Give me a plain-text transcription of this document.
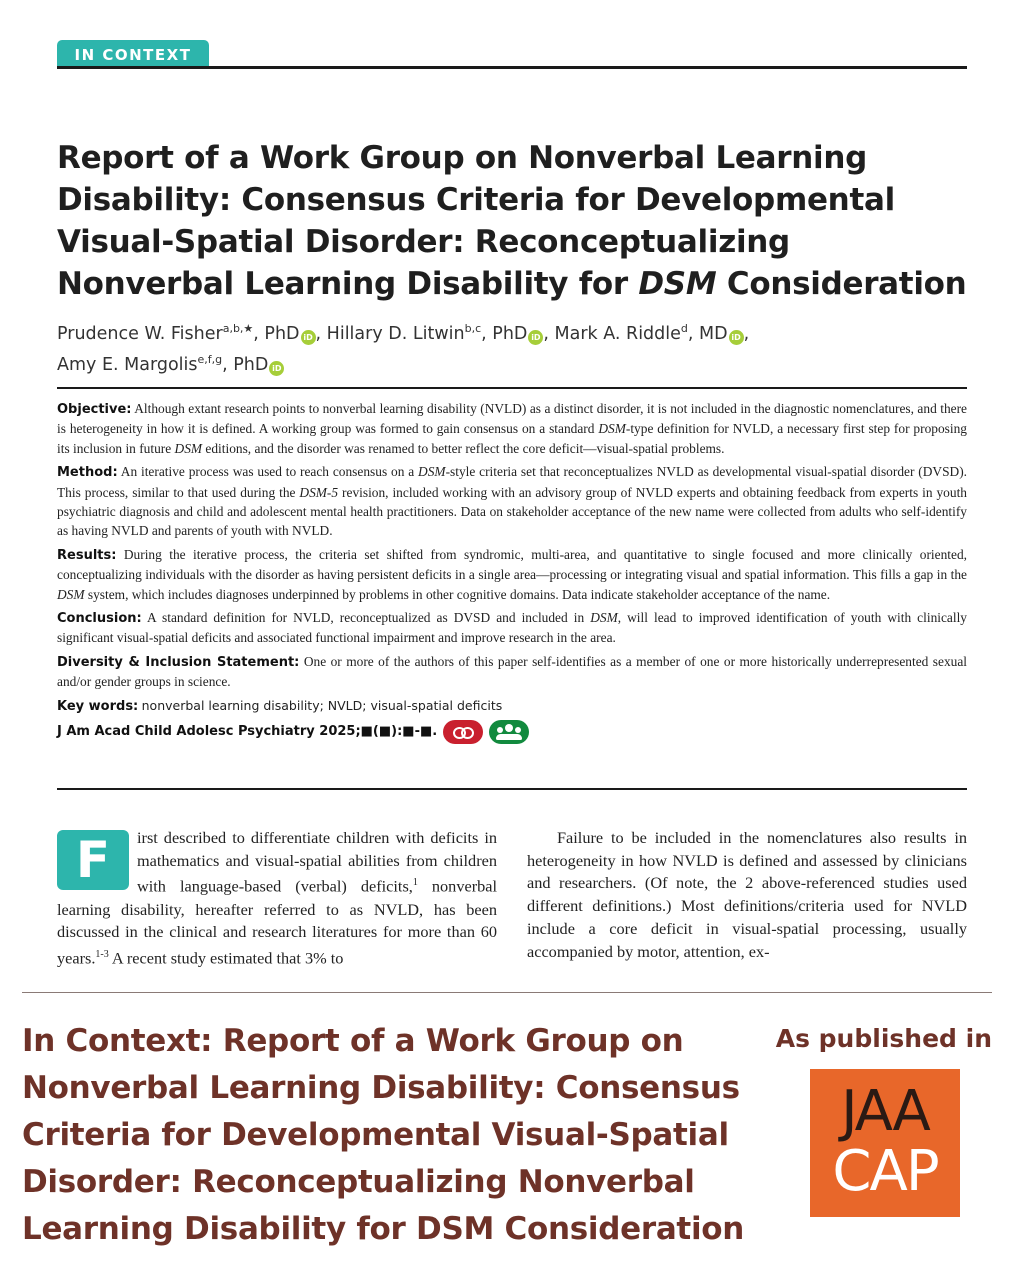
IN CONTEXT
Report of a Work Group on Nonverbal Learning Disability: Consensus Criteria for Developmental Visual-Spatial Disorder: Reconceptualizing Nonverbal Learning Disability for DSM Consideration
Prudence W. Fisher$^{a,b,★}$, PhD iD , Hillary D. Litwin$^{b,c}$, PhD iD , Mark A. Riddle$^d$, MD iD ,
Amy E. Margolis$^{e,f,g}$, PhD iD

Objective: Although extant research points to nonverbal learning disability (NVLD) as a distinct disorder, it is not included in the diagnostic nomenclatures, and there is heterogeneity in how it is defined. A working group was formed to gain consensus on a standard DSM-type definition for NVLD, a necessary first step for proposing its inclusion in future DSM editions, and the disorder was renamed to better reflect the core deficit—visual-spatial problems.

Method: An iterative process was used to reach consensus on a DSM-style criteria set that reconceptualizes NVLD as developmental visual-spatial disorder (DVSD). This process, similar to that used during the DSM-5 revision, included working with an advisory group of NVLD experts and obtaining feedback from experts in youth psychiatric diagnosis and child and adolescent mental health practitioners. Data on stakeholder acceptance of the new name were collected from adults who self-identify as having NVLD and parents of youth with NVLD.

Results: During the iterative process, the criteria set shifted from syndromic, multi-area, and quantitative to single focused and more clinically oriented, conceptualizing individuals with the disorder as having persistent deficits in a single area—processing or integrating visual and spatial information. This fills a gap in the DSM system, which includes diagnoses underpinned by problems in other cognitive domains. Data indicate stakeholder acceptance of the name.

Conclusion: A standard definition for NVLD, reconceptualized as DVSD and included in DSM, will lead to improved identification of youth with clinically significant visual-spatial deficits and associated functional impairment and improve research in the area.

Diversity & Inclusion Statement: One or more of the authors of this paper self-identifies as a member of one or more historically underrepresented sexual and/or gender groups in science.

Key words: nonverbal learning disability; NVLD; visual-spatial deficits

J Am Acad Child Adolesc Psychiatry 2025;■(■):■-■.

F	irst described to differentiate children with deficits in mathematics and visual-spatial abilities from children with language-based (verbal) deficits,$^1$ nonverbal learning disability, hereafter referred to as NVLD, has been discussed in the clinical and research literatures for more than 60 years.$^{1-3}$ A recent study estimated that 3% to
Failure to be included in the nomenclatures also results in heterogeneity in how NVLD is defined and assessed by clinicians and researchers. (Of note, the 2 above-referenced studies used different definitions.) Most definitions/criteria used for NVLD include a core deficit in visual-spatial processing, usually accompanied by motor, attention, ex-
In Context: Report of a Work Group on Nonverbal Learning Disability: Consensus Criteria for Developmental Visual-Spatial Disorder: Reconceptualizing Nonverbal Learning Disability for DSM Consideration
As published in
JAA
CAP
